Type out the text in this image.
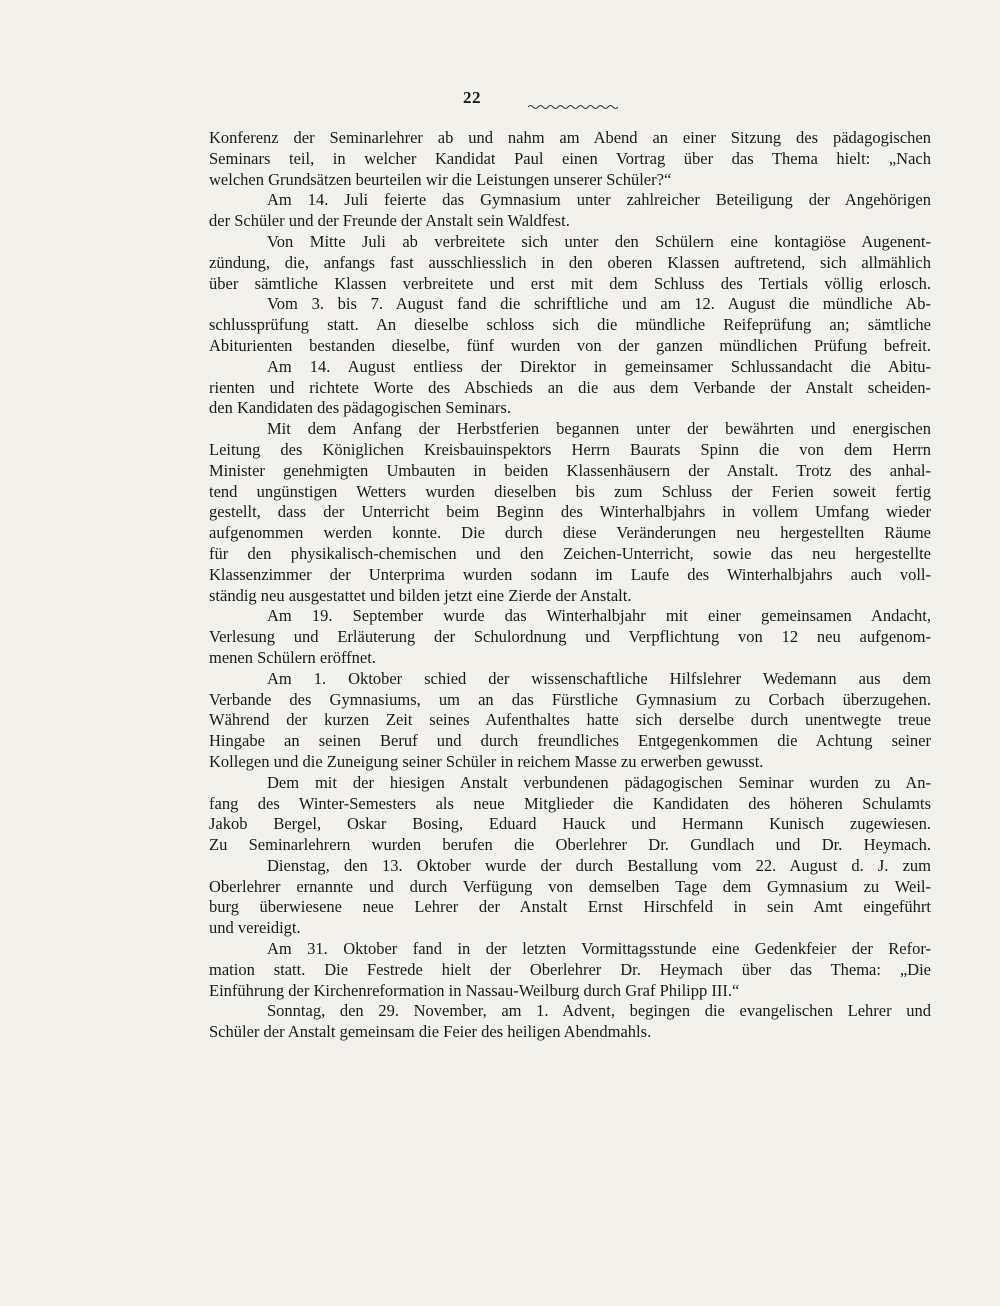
22
Konferenz der Seminarlehrer ab und nahm am Abend an einer Sitzung des pädagogischen
Seminars teil, in welcher Kandidat Paul einen Vortrag über das Thema hielt: „Nach
welchen Grundsätzen beurteilen wir die Leistungen unserer Schüler?“
Am 14. Juli feierte das Gymnasium unter zahlreicher Beteiligung der Angehörigen
der Schüler und der Freunde der Anstalt sein Waldfest.
Von Mitte Juli ab verbreitete sich unter den Schülern eine kontagiöse Augenent-
zündung, die, anfangs fast ausschliesslich in den oberen Klassen auftretend, sich allmählich
über sämtliche Klassen verbreitete und erst mit dem Schluss des Tertials völlig erlosch.
Vom 3. bis 7. August fand die schriftliche und am 12. August die mündliche Ab-
schlussprüfung statt. An dieselbe schloss sich die mündliche Reifeprüfung an; sämtliche
Abiturienten bestanden dieselbe, fünf wurden von der ganzen mündlichen Prüfung befreit.
Am 14. August entliess der Direktor in gemeinsamer Schlussandacht die Abitu-
rienten und richtete Worte des Abschieds an die aus dem Verbande der Anstalt scheiden-
den Kandidaten des pädagogischen Seminars.
Mit dem Anfang der Herbstferien begannen unter der bewährten und energischen
Leitung des Königlichen Kreisbauinspektors Herrn Baurats Spinn die von dem Herrn
Minister genehmigten Umbauten in beiden Klassenhäusern der Anstalt. Trotz des anhal-
tend ungünstigen Wetters wurden dieselben bis zum Schluss der Ferien soweit fertig
gestellt, dass der Unterricht beim Beginn des Winterhalbjahrs in vollem Umfang wieder
aufgenommen werden konnte. Die durch diese Veränderungen neu hergestellten Räume
für den physikalisch-chemischen und den Zeichen-Unterricht, sowie das neu hergestellte
Klassenzimmer der Unterprima wurden sodann im Laufe des Winterhalbjahrs auch voll-
ständig neu ausgestattet und bilden jetzt eine Zierde der Anstalt.
Am 19. September wurde das Winterhalbjahr mit einer gemeinsamen Andacht,
Verlesung und Erläuterung der Schulordnung und Verpflichtung von 12 neu aufgenom-
menen Schülern eröffnet.
Am 1. Oktober schied der wissenschaftliche Hilfslehrer Wedemann aus dem
Verbande des Gymnasiums, um an das Fürstliche Gymnasium zu Corbach überzugehen.
Während der kurzen Zeit seines Aufenthaltes hatte sich derselbe durch unentwegte treue
Hingabe an seinen Beruf und durch freundliches Entgegenkommen die Achtung seiner
Kollegen und die Zuneigung seiner Schüler in reichem Masse zu erwerben gewusst.
Dem mit der hiesigen Anstalt verbundenen pädagogischen Seminar wurden zu An-
fang des Winter-Semesters als neue Mitglieder die Kandidaten des höheren Schulamts
Jakob Bergel, Oskar Bosing, Eduard Hauck und Hermann Kunisch zugewiesen.
Zu Seminarlehrern wurden berufen die Oberlehrer Dr. Gundlach und Dr. Heymach.
Dienstag, den 13. Oktober wurde der durch Bestallung vom 22. August d. J. zum
Oberlehrer ernannte und durch Verfügung von demselben Tage dem Gymnasium zu Weil-
burg überwiesene neue Lehrer der Anstalt Ernst Hirschfeld in sein Amt eingeführt
und vereidigt.
Am 31. Oktober fand in der letzten Vormittagsstunde eine Gedenkfeier der Refor-
mation statt. Die Festrede hielt der Oberlehrer Dr. Heymach über das Thema: „Die
Einführung der Kirchenreformation in Nassau-Weilburg durch Graf Philipp III.“
Sonntag, den 29. November, am 1. Advent, begingen die evangelischen Lehrer und
Schüler der Anstalt gemeinsam die Feier des heiligen Abendmahls.
